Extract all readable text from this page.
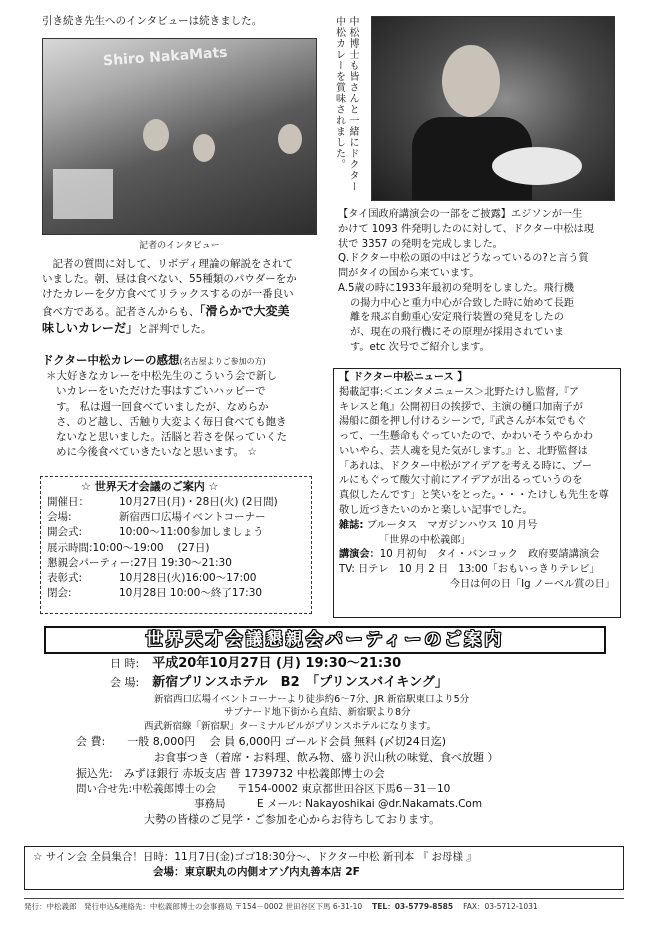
引き続き先生へのインタビューは続きました。
Shiro NakaMats
記者のインタビュー

記者の質問に対して、リボディ理論の解説をされて

いました。朝、昼は食べない、55種類のパウダーをか

けたカレーを夕方食べてリラックスするのが一番良い

食べ方である。記者さんからも、「滑らかで大変美

味しいカレーだ」と評判でした。

ドクター中松カレーの感想(名古屋よりご参加の方)

＊大好きなカレーを中松先生のこういう会で新し

いカレーをいただけた事はすごいハッピーで

す。 私は週一回食べていましたが、なめらか

さ、のど越し、舌触り大変よく毎日食べても飽き

ないなと思いました。活脳と若さを保っていくた

めに今後食べていきたいなと思います。 ☆

☆ 世界天才会議のご案内 ☆

開催日：	10月27日(月)・28日(火) (2日間)
会場:	新宿西口広場イベントコーナー
開会式:	10:00～11:00参加しましょう
展示時間: 10:00～19:00　 (27日)
懇親会パーティー: 27日 19:30～21:30
表彰式:	10月28日(火)16:00～17:00
閉会:	10月28日 10:00～終了17:30
中松博士も皆さんと一緒にドクター
中松カレーを賞味されました。

【タイ国政府講演会の一部をご披露】エジソンが一生

かけて 1093 件発明したのに対して、ドクター中松は現

状で 3357 の発明を完成しました。

Q.ドクター中松の頭の中はどうなっているの?と言う質

問がタイの国から来ています。

A.5歳の時に1933年最初の発明をしました。飛行機

の揚力中心と重力中心が合致した時に始めて長距

離を飛ぶ自動重心安定飛行装置の発見をしたの

が、現在の飛行機にその原理が採用されていま

す。etc 次号でご紹介します。

【 ドクター中松ニュース 】

掲載記事:＜エンタメニュース＞北野たけし監督,『ア

キレスと亀』公開初日の挨拶で、主演の樋口加南子が

湯船に顔を押し付けるシーンで,『武さんが本気でもぐ

って、一生懸命もぐっていたので、かわいそうやらかわ

いいやら、芸人魂を見た気がします。』と、北野監督は

「あれは、ドクター中松がアイデアを考える時に、プー

ルにもぐって酸欠寸前にアイデアが出るっていうのを

真似したんです」と笑いをとった。・・・たけしも先生を尊

敬し近づきたいのかと楽しい記事でした。

雑誌: ブルータス　マガジンハウス 10 月号

「世界の中松義郎」

講演会：10 月初旬　タイ・バンコック　政府要請講演会

TV: 日テレ　10 月 2 日　13:00「おもいっきりテレビ」

今日は何の日「Ig ノーベル賞の日」

世界天才会議懇親会パーティーのご案内

日 時:　 平成20年10月27日 (月) 19:30～21:30

会 場:　 新宿プリンスホテル　B2　「プリンスバイキング」

新宿西口広場イベントコーナーより徒歩約6～7分、JR 新宿駅東口より5分

サブナード地下街から直結、新宿駅より8分

西武新宿線「新宿駅」ターミナルビルがプリンスホテルになります。

会 費:　　 一般 8,000円　 会 員 6,000円 ゴールド会員 無料 (〆切24日迄)

お食事つき（着席・お料理、飲み物、盛り沢山秋の味覚、食べ放題 ）

振込先:　 みずほ銀行 赤坂支店 普 1739732 中松義郎博士の会

問い合せ先:中松義郎博士の会　　〒154-0002 東京都世田谷区下馬6－31－10

事務局　　　	E メール: Nakayoshikai @dr.Nakamats.Com

大勢の皆様のご見学・ご参加を心からお待ちしております。

☆ サイン会 全員集合！日時：11月7日(金)ゴゴ18:30分～、ドクター中松 新刊本 『 お母様 』

会場：東京駅丸の内側オアゾ内丸善本店 2F

発行：中松義郎　発行申込&連絡先：中松義郎博士の会事務局 〒154－0002 世田谷区下馬 6-31-10 TEL：03-5779-8585 FAX：03-5712-1031
